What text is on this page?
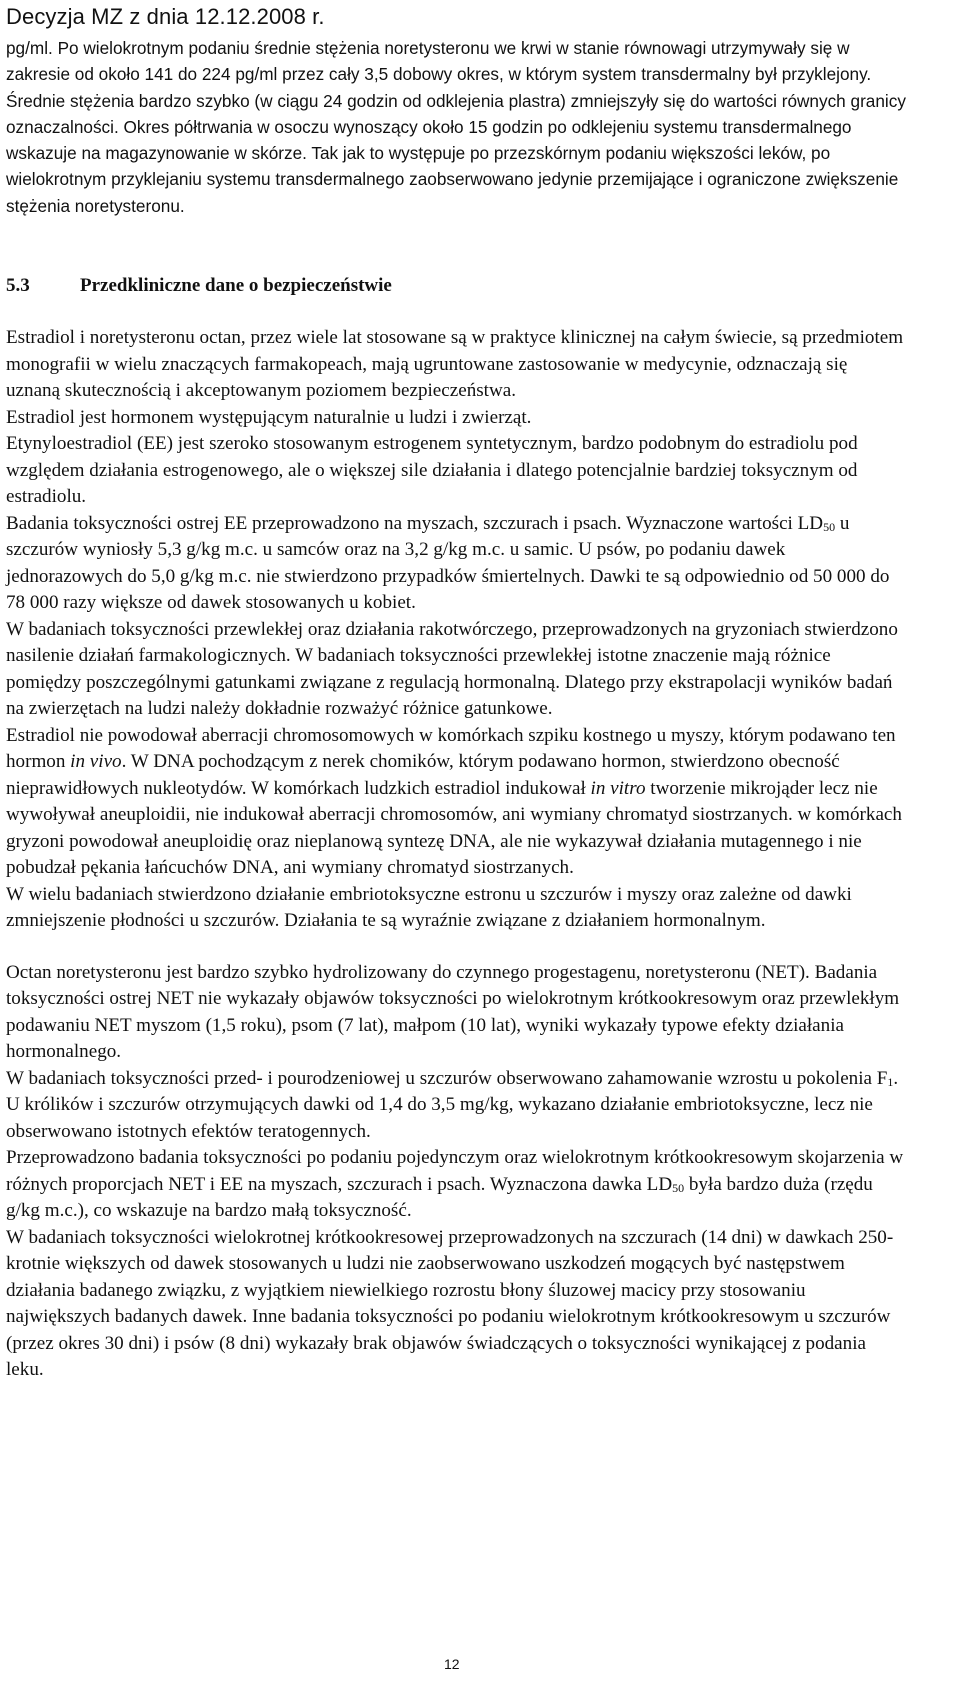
Decyzja MZ z dnia 12.12.2008 r.

pg/ml. Po wielokrotnym podaniu średnie stężenia noretysteronu we krwi w stanie równowagi utrzymywały się w zakresie od około 141 do 224 pg/ml przez cały 3,5 dobowy okres, w którym system transdermalny był przyklejony. Średnie stężenia bardzo szybko (w ciągu 24 godzin od odklejenia plastra) zmniejszyły się do wartości równych granicy oznaczalności. Okres półtrwania w osoczu wynoszący około 15 godzin po odklejeniu systemu transdermalnego wskazuje na magazynowanie w skórze. Tak jak to występuje po przezskórnym podaniu większości leków, po wielokrotnym przyklejaniu systemu transdermalnego zaobserwowano jedynie przemijające i ograniczone zwiększenie stężenia noretysteronu.

5.3	Przedkliniczne dane o bezpieczeństwie

Estradiol i noretysteronu octan, przez wiele lat stosowane są w praktyce klinicznej na całym świecie, są przedmiotem monografii w wielu znaczących farmakopeach, mają ugruntowane zastosowanie w medycynie, odznaczają się uznaną skutecznością i akceptowanym poziomem bezpieczeństwa.

Estradiol jest hormonem występującym naturalnie u ludzi i zwierząt.

Etynyloestradiol (EE) jest szeroko stosowanym estrogenem syntetycznym, bardzo podobnym do estradiolu pod względem działania estrogenowego, ale o większej sile działania i dlatego potencjalnie bardziej toksycznym od estradiolu.

Badania toksyczności ostrej EE przeprowadzono na myszach, szczurach i psach. Wyznaczone wartości $LD_{50}$ u szczurów wyniosły 5,3 g/kg m.c. u samców oraz na 3,2 g/kg m.c. u samic. U psów, po podaniu dawek jednorazowych do 5,0 g/kg m.c. nie stwierdzono przypadków śmiertelnych. Dawki te są odpowiednio od 50 000 do 78 000 razy większe od dawek stosowanych u kobiet.

W badaniach toksyczności przewlekłej oraz działania rakotwórczego, przeprowadzonych na gryzoniach stwierdzono nasilenie działań farmakologicznych. W badaniach toksyczności przewlekłej istotne znaczenie mają różnice pomiędzy poszczególnymi gatunkami związane z regulacją hormonalną. Dlatego przy ekstrapolacji wyników badań na zwierzętach na ludzi należy dokładnie rozważyć różnice gatunkowe.

Estradiol nie powodował aberracji chromosomowych w komórkach szpiku kostnego u myszy, którym podawano ten hormon in vivo. W DNA pochodzącym z nerek chomików, którym podawano hormon, stwierdzono obecność nieprawidłowych nukleotydów. W komórkach ludzkich estradiol indukował in vitro tworzenie mikrojąder lecz nie wywoływał aneuploidii, nie indukował aberracji chromosomów, ani wymiany chromatyd siostrzanych. w komórkach gryzoni powodował aneuploidię oraz nieplanową syntezę DNA, ale nie wykazywał działania mutagennego i nie pobudzał pękania łańcuchów DNA, ani wymiany chromatyd siostrzanych.

W wielu badaniach stwierdzono działanie embriotoksyczne estronu u szczurów i myszy oraz zależne od dawki zmniejszenie płodności u szczurów. Działania te są wyraźnie związane z działaniem hormonalnym.

Octan noretysteronu jest bardzo szybko hydrolizowany do czynnego progestagenu, noretysteronu (NET). Badania toksyczności ostrej NET nie wykazały objawów toksyczności po wielokrotnym krótkookresowym oraz przewlekłym podawaniu NET myszom (1,5 roku), psom (7 lat), małpom (10 lat), wyniki wykazały typowe efekty działania hormonalnego.

W badaniach toksyczności przed- i pourodzeniowej u szczurów obserwowano zahamowanie wzrostu u pokolenia $F_1$. U królików i szczurów otrzymujących dawki od 1,4 do 3,5 mg/kg, wykazano działanie embriotoksyczne, lecz nie obserwowano istotnych efektów teratogennych.

Przeprowadzono badania toksyczności po podaniu pojedynczym oraz wielokrotnym krótkookresowym skojarzenia w różnych proporcjach NET i EE na myszach, szczurach i psach. Wyznaczona dawka $LD_{50}$ była bardzo duża (rzędu g/kg m.c.), co wskazuje na bardzo małą toksyczność.

W badaniach toksyczności wielokrotnej krótkookresowej przeprowadzonych na szczurach (14 dni) w dawkach 250-krotnie większych od dawek stosowanych u ludzi nie zaobserwowano uszkodzeń mogących być następstwem działania badanego związku, z wyjątkiem niewielkiego rozrostu błony śluzowej macicy przy stosowaniu największych badanych dawek. Inne badania toksyczności po podaniu wielokrotnym krótkookresowym u szczurów (przez okres 30 dni) i psów (8 dni) wykazały brak objawów świadczących o toksyczności wynikającej z podania leku.

12
